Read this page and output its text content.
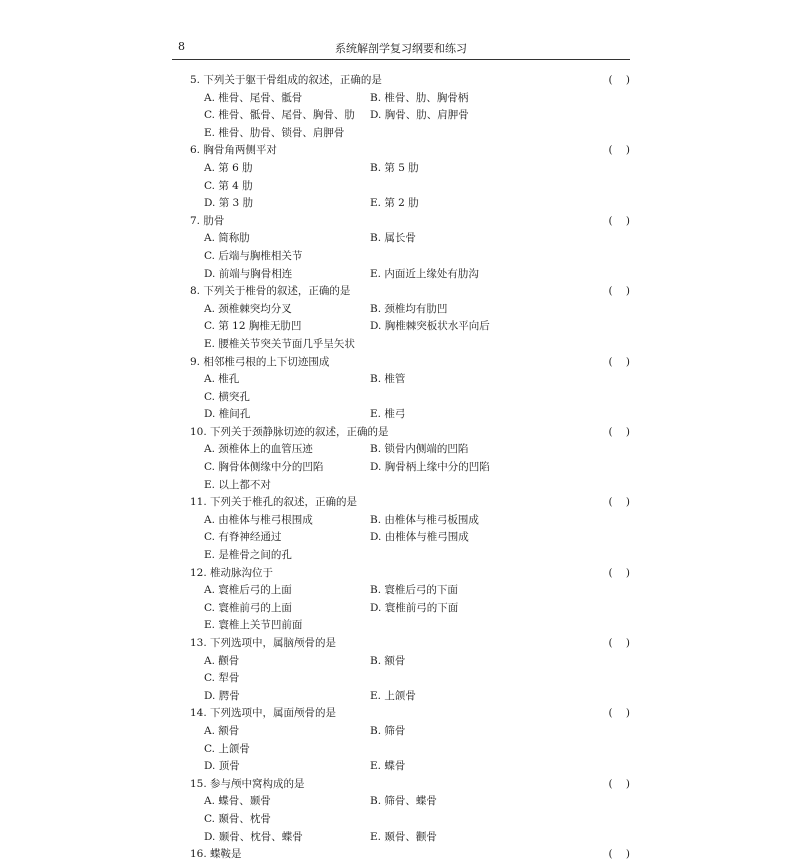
8	系统解剖学复习纲要和练习
5. 下列关于躯干骨组成的叙述，正确的是	(    )
A. 椎骨、尾骨、骶骨	B. 椎骨、肋、胸骨柄
C. 椎骨、骶骨、尾骨、胸骨、肋	D. 胸骨、肋、肩胛骨
E. 椎骨、肋骨、锁骨、肩胛骨
6. 胸骨角两侧平对	(    )
A. 第 6 肋	B. 第 5 肋
C. 第 4 肋
D. 第 3 肋	E. 第 2 肋
7. 肋骨	(    )
A. 简称肋	B. 属长骨
C. 后端与胸椎相关节
D. 前端与胸骨相连	E. 内面近上缘处有肋沟
8. 下列关于椎骨的叙述，正确的是	(    )
A. 颈椎棘突均分叉	B. 颈椎均有肋凹
C. 第 12 胸椎无肋凹	D. 胸椎棘突板状水平向后
E. 腰椎关节突关节面几乎呈矢状
9. 相邻椎弓根的上下切迹围成	(    )
A. 椎孔	B. 椎管
C. 横突孔
D. 椎间孔	E. 椎弓
10. 下列关于颈静脉切迹的叙述，正确的是	(    )
A. 颈椎体上的血管压迹	B. 锁骨内侧端的凹陷
C. 胸骨体侧缘中分的凹陷	D. 胸骨柄上缘中分的凹陷
E. 以上都不对
11. 下列关于椎孔的叙述，正确的是	(    )
A. 由椎体与椎弓根围成	B. 由椎体与椎弓板围成
C. 有脊神经通过	D. 由椎体与椎弓围成
E. 是椎骨之间的孔
12. 椎动脉沟位于	(    )
A. 寰椎后弓的上面	B. 寰椎后弓的下面
C. 寰椎前弓的上面	D. 寰椎前弓的下面
E. 寰椎上关节凹前面
13. 下列选项中，属脑颅骨的是	(    )
A. 颧骨	B. 额骨
C. 犁骨
D. 腭骨	E. 上颌骨
14. 下列选项中，属面颅骨的是	(    )
A. 额骨	B. 筛骨
C. 上颌骨
D. 顶骨	E. 蝶骨
15. 参与颅中窝构成的是	(    )
A. 蝶骨、颞骨	B. 筛骨、蝶骨
C. 颞骨、枕骨
D. 颞骨、枕骨、蝶骨	E. 颞骨、颧骨
16. 蝶鞍是	(    )
